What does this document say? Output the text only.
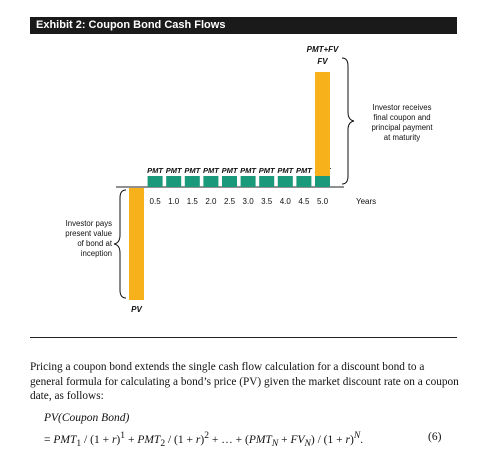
Exhibit 2: Coupon Bond Cash Flows
PMT PMT PMT PMT PMT PMT PMT PMT PMT
0.5 1.0 1.5 2.0 2.5 3.0 3.5 4.0 4.5 5.0	Years
PMT+FV
FV
PV
Investor receives
final coupon and
principal payment
at maturity
Investor pays
present value
of bond at
inception
Pricing a coupon bond extends the single cash flow calculation for a discount bond to a general formula for calculating a bond’s price (PV) given the market discount rate on a coupon date, as follows:
PV(Coupon Bond)
= $PMT_1 / (1 + r)^1 + PMT_2 / (1 + r)^2$ + … + $(PMT_N + FV_N) / (1 + r)^N$.	(6)
